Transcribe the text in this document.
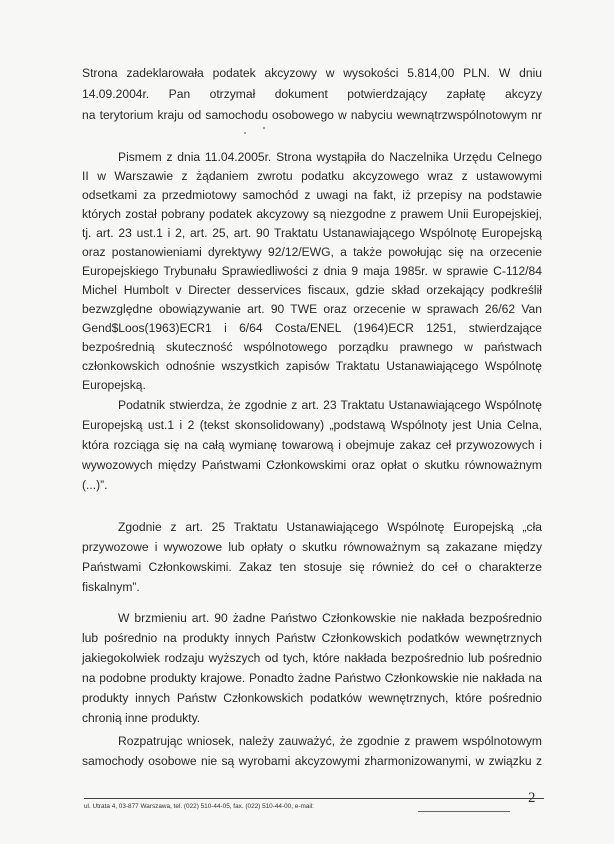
Strona zadeklarowała podatek akcyzowy w wysokości 5.814,00 PLN. W dniu
14.09.2004r. Pan otrzymał dokument potwierdzający zapłatę akcyzy
na terytorium kraju od samochodu osobowego w nabyciu wewnątrzwspólnotowym nr
Pismem z dnia 11.04.2005r. Strona wystąpiła do Naczelnika Urzędu Celnego
II w Warszawie z żądaniem zwrotu podatku akcyzowego wraz z ustawowymi
odsetkami za przedmiotowy samochód z uwagi na fakt, iż przepisy na podstawie
których został pobrany podatek akcyzowy są niezgodne z prawem Unii Europejskiej,
tj. art. 23 ust.1 i 2, art. 25, art. 90 Traktatu Ustanawiającego Wspólnotę Europejską
oraz postanowieniami dyrektywy 92/12/EWG, a także powołując się na orzecenie
Europejskiego Trybunału Sprawiedliwości z dnia 9 maja 1985r. w sprawie C-112/84
Michel Humbolt v Directer desservices fiscaux, gdzie skład orzekający podkreślił
bezwzględne obowiązywanie art. 90 TWE oraz orzecenie w sprawach 26/62 Van
Gend$Loos(1963)ECR1 i 6/64 Costa/ENEL (1964)ECR 1251, stwierdzające
bezpośrednią skuteczność wspólnotowego porządku prawnego w państwach
członkowskich odnośnie wszystkich zapisów Traktatu Ustanawiającego Wspólnotę
Europejską.
Podatnik stwierdza, że zgodnie z art. 23 Traktatu Ustanawiającego Wspólnotę
Europejską ust.1 i 2 (tekst skonsolidowany) „podstawą Wspólnoty jest Unia Celna,
która rozciąga się na całą wymianę towarową i obejmuje zakaz ceł przywozowych i
wywozowych między Państwami Członkowskimi oraz opłat o skutku równoważnym
(...)”.
Zgodnie z art. 25 Traktatu Ustanawiającego Wspólnotę Europejską „cła
przywozowe i wywozowe lub opłaty o skutku równoważnym są zakazane między
Państwami Członkowskimi. Zakaz ten stosuje się również do ceł o charakterze
fiskalnym”.
W brzmieniu art. 90 żadne Państwo Członkowskie nie nakłada bezpośrednio
lub pośrednio na produkty innych Państw Członkowskich podatków wewnętrznych
jakiegokolwiek rodzaju wyższych od tych, które nakłada bezpośrednio lub pośrednio
na podobne produkty krajowe. Ponadto żadne Państwo Członkowskie nie nakłada na
produkty innych Państw Członkowskich podatków wewnętrznych, które pośrednio
chronią inne produkty.
Rozpatrując wniosek, należy zauważyć, że zgodnie z prawem wspólnotowym
samochody osobowe nie są wyrobami akcyzowymi zharmonizowanymi, w związku z
2
ul. Utrata 4, 03-877 Warszawa, tel. (022) 510-44-05, fax. (022) 510-44-00, e-mail:
